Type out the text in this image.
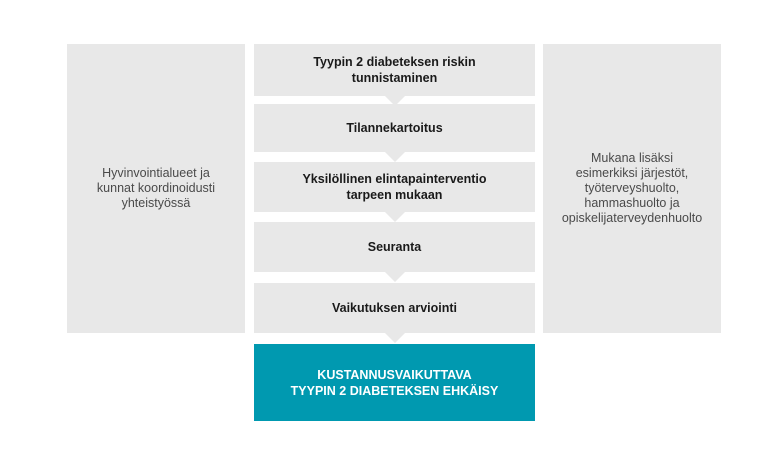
Hyvinvointialueet ja
kunnat koordinoidusti
yhteistyössä
Mukana lisäksi
esimerkiksi järjestöt,
työterveyshuolto,
hammashuolto ja
opiskelijaterveydenhuolto
Tyypin 2 diabeteksen riskin
tunnistaminen
Tilannekartoitus
Yksilöllinen elintapainterventio
tarpeen mukaan
Seuranta
Vaikutuksen arviointi
KUSTANNUSVAIKUTTAVA
TYYPIN 2 DIABETEKSEN EHKÄISY
